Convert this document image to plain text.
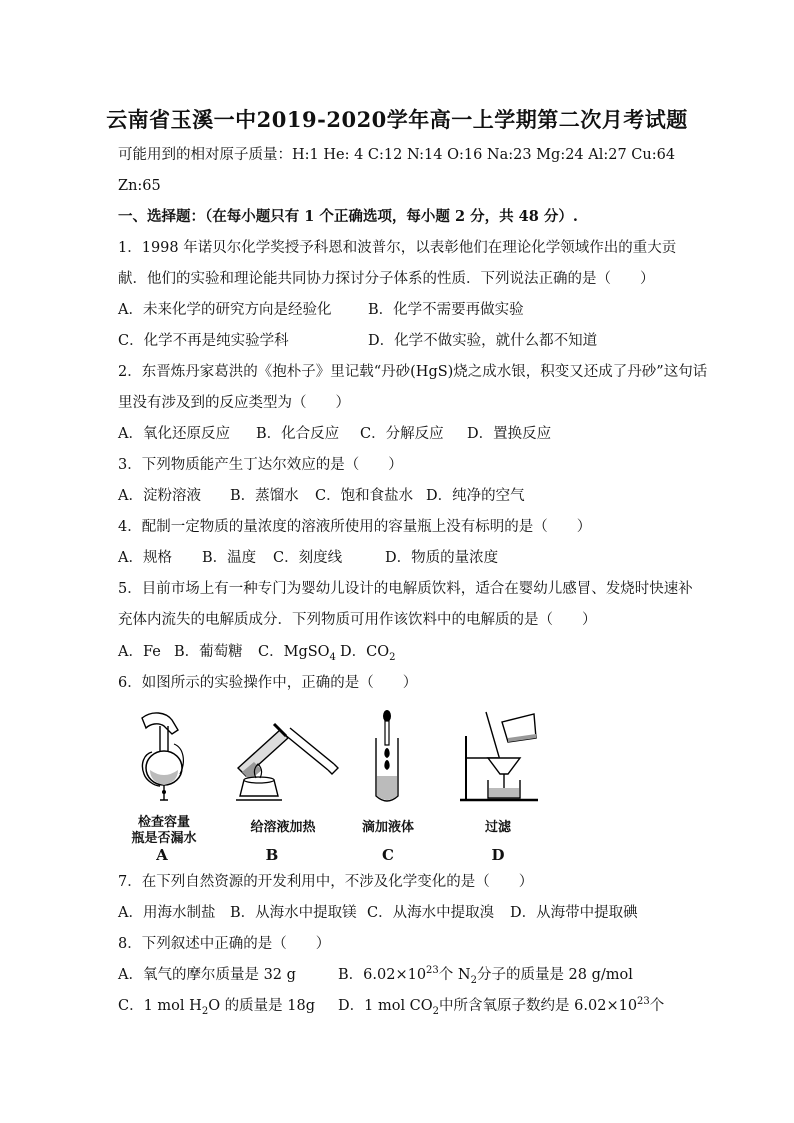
云南省玉溪一中2019-2020学年高一上学期第二次月考试题
可能用到的相对原子质量：H:1 He: 4 C:12 N:14 O:16 Na:23 Mg:24 Al:27 Cu:64
Zn:65
一、选择题：（在每小题只有 1 个正确选项，每小题 2 分，共 48 分）.
1．1998 年诺贝尔化学奖授予科恩和波普尔，以表彰他们在理论化学领域作出的重大贡
献．他们的实验和理论能共同协力探讨分子体系的性质．下列说法正确的是（　　）
A．未来化学的研究方向是经验化	B．化学不需要再做实验
C．化学不再是纯实验学科	D．化学不做实验，就什么都不知道
2．东晋炼丹家葛洪的《抱朴子》里记载“丹砂(HgS)烧之成水银，积变又还成了丹砂”这句话
里没有涉及到的反应类型为（　　）
A．氧化还原反应 B．化合反应 C．分解反应 D．置换反应
3．下列物质能产生丁达尔效应的是（　　）
A．淀粉溶液 B．蒸馏水 C．饱和食盐水 D．纯净的空气
4．配制一定物质的量浓度的溶液所使用的容量瓶上没有标明的是（　　）
A．规格 B．温度 C．刻度线	D．物质的量浓度
5．目前市场上有一种专门为婴幼儿设计的电解质饮料，适合在婴幼儿感冒、发烧时快速补
充体内流失的电解质成分．下列物质可用作该饮料中的电解质的是（　　）
A．Fe B．葡萄糖 C．MgSO$_4$ D．$CO_2$
6．如图所示的实验操作中，正确的是（　　）
检查容量
瓶是否漏水
A
给溶液加热
B
滴加液体
C
过滤
D
7．在下列自然资源的开发利用中，不涉及化学变化的是（　　）
A．用海水制盐 B．从海水中提取镁 C．从海水中提取溴 D．从海带中提取碘
8．下列叙述中正确的是（　　）
A．氧气的摩尔质量是 32 g	B．$6.02\times 10^{23}$个 $N_2$分子的质量是 28 g/mol
C．1 mol $H_2O$ 的质量是 18g D．1 mol $CO_2$中所含氧原子数约是 $6.02\times 10^{23}$个
